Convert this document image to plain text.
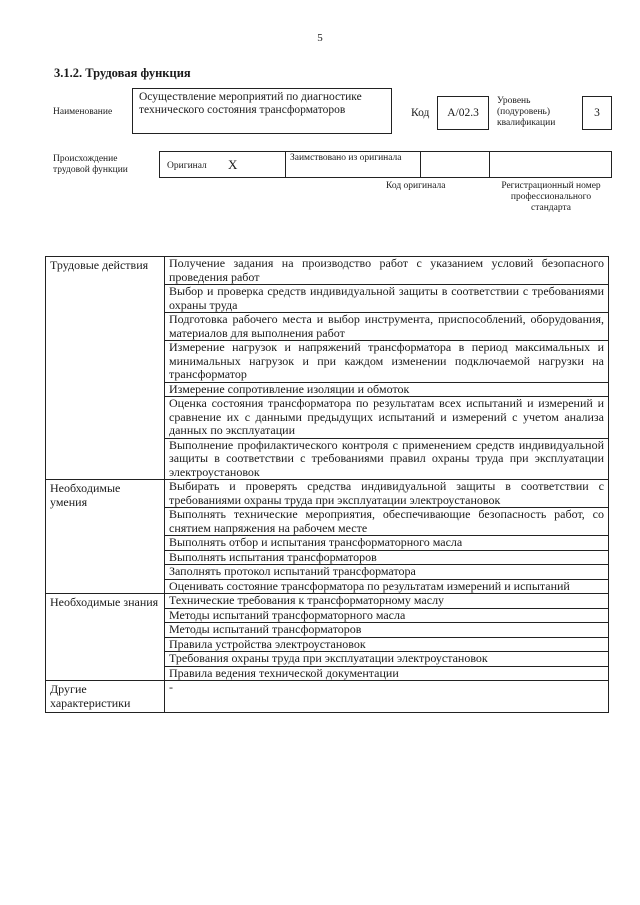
5
3.1.2. Трудовая функция
Наименование
Осуществление мероприятий по диагностике технического состояния трансформаторов	Код А/02.3
Уровень (подуровень) квалификации
3
Происхождение трудовой функции	Оригинал X	Заимствовано из оригинала
Код оригинала	Регистрационный номер профессионального стандарта
Трудовые действия	Получение задания на производство работ с указанием условий безопасного проведения работ
	Выбор и проверка средств индивидуальной защиты в соответствии с требованиями охраны труда
	Подготовка рабочего места и выбор инструмента, приспособлений, оборудования, материалов для выполнения работ
	Измерение нагрузок и напряжений трансформатора в период максимальных и минимальных нагрузок и при каждом изменении подключаемой нагрузки на трансформатор
	Измерение сопротивление изоляции и обмоток
	Оценка состояния трансформатора по результатам всех испытаний и измерений и сравнение их с данными предыдущих испытаний и измерений с учетом анализа данных по эксплуатации
	Выполнение профилактического контроля с применением средств индивидуальной защиты в соответствии с требованиями правил охраны труда при эксплуатации электроустановок
Необходимые умения	Выбирать и проверять средства индивидуальной защиты в соответствии с требованиями охраны труда при эксплуатации электроустановок
	Выполнять технические мероприятия, обеспечивающие безопасность работ, со снятием напряжения на рабочем месте
	Выполнять отбор и испытания трансформаторного масла
	Выполнять испытания трансформаторов
	Заполнять протокол испытаний трансформатора
	Оценивать состояние трансформатора по результатам измерений и испытаний
Необходимые знания	Технические требования к трансформаторному маслу
	Методы испытаний трансформаторного масла
	Методы испытаний трансформаторов
	Правила устройства электроустановок
	Требования охраны труда при эксплуатации электроустановок
	Правила ведения технической документации
Другие характеристики	-
